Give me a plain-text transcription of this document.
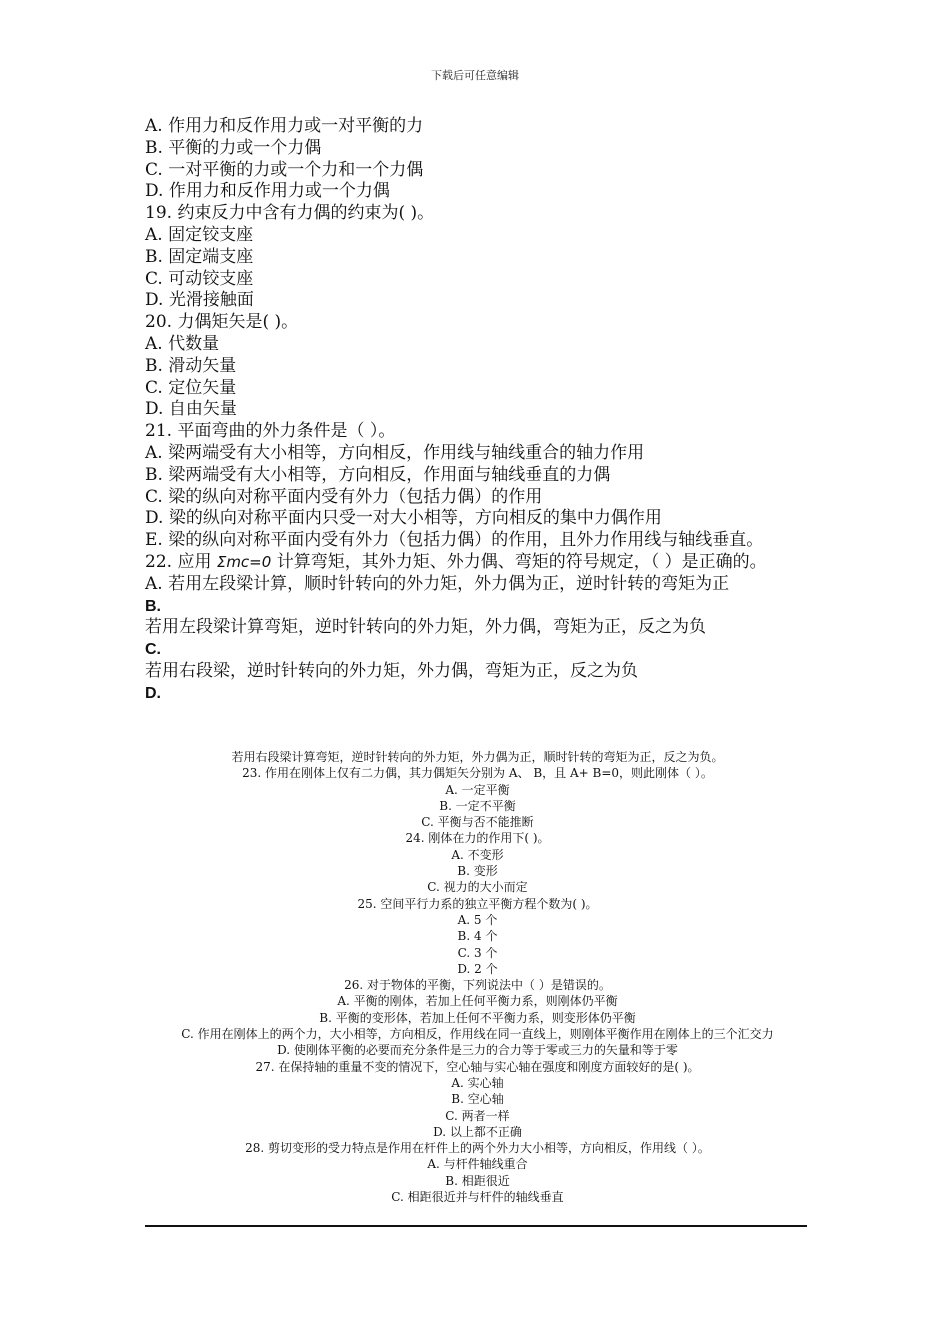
下载后可任意编辑
A. 作用力和反作用力或一对平衡的力
B. 平衡的力或一个力偶
C. 一对平衡的力或一个力和一个力偶
D. 作用力和反作用力或一个力偶
19. 约束反力中含有力偶的约束为( )。
A. 固定铰支座
B. 固定端支座
C. 可动铰支座
D. 光滑接触面
20. 力偶矩矢是( )。
A. 代数量
B. 滑动矢量
C. 定位矢量
D. 自由矢量
21. 平面弯曲的外力条件是（ ）。
A. 梁两端受有大小相等，方向相反，作用线与轴线重合的轴力作用
B. 梁两端受有大小相等，方向相反，作用面与轴线垂直的力偶
C. 梁的纵向对称平面内受有外力（包括力偶）的作用
D. 梁的纵向对称平面内只受一对大小相等，方向相反的集中力偶作用
E. 梁的纵向对称平面内受有外力（包括力偶）的作用，且外力作用线与轴线垂直。
22. 应用 Σmc=0 计算弯矩，其外力矩、外力偶、弯矩的符号规定，（ ）是正确的。
A. 若用左段梁计算，顺时针转向的外力矩，外力偶为正，逆时针转的弯矩为正
B.
若用左段梁计算弯矩，逆时针转向的外力矩，外力偶，弯矩为正，反之为负
C.
若用右段梁，逆时针转向的外力矩，外力偶，弯矩为正，反之为负
D.
若用右段梁计算弯矩，逆时针转向的外力矩，外力偶为正，顺时针转的弯矩为正，反之为负。
23. 作用在刚体上仅有二力偶，其力偶矩矢分别为 A、 B，且 A+ B=0，则此刚体（ ）。
A. 一定平衡
B. 一定不平衡
C. 平衡与否不能推断
24. 刚体在力的作用下( )。
A. 不变形
B. 变形
C. 视力的大小而定
25. 空间平行力系的独立平衡方程个数为( )。
A. 5 个
B. 4 个
C. 3 个
D. 2 个
26. 对于物体的平衡，下列说法中（ ）是错误的。
A. 平衡的刚体，若加上任何平衡力系，则刚体仍平衡
B. 平衡的变形体，若加上任何不平衡力系，则变形体仍平衡
C. 作用在刚体上的两个力，大小相等，方向相反，作用线在同一直线上，则刚体平衡作用在刚体上的三个汇交力
D. 使刚体平衡的必要而充分条件是三力的合力等于零或三力的矢量和等于零
27. 在保持轴的重量不变的情况下，空心轴与实心轴在强度和刚度方面较好的是( )。
A. 实心轴
B. 空心轴
C. 两者一样
D. 以上都不正确
28. 剪切变形的受力特点是作用在杆件上的两个外力大小相等，方向相反，作用线（ ）。
A. 与杆件轴线重合
B. 相距很近
C. 相距很近并与杆件的轴线垂直
